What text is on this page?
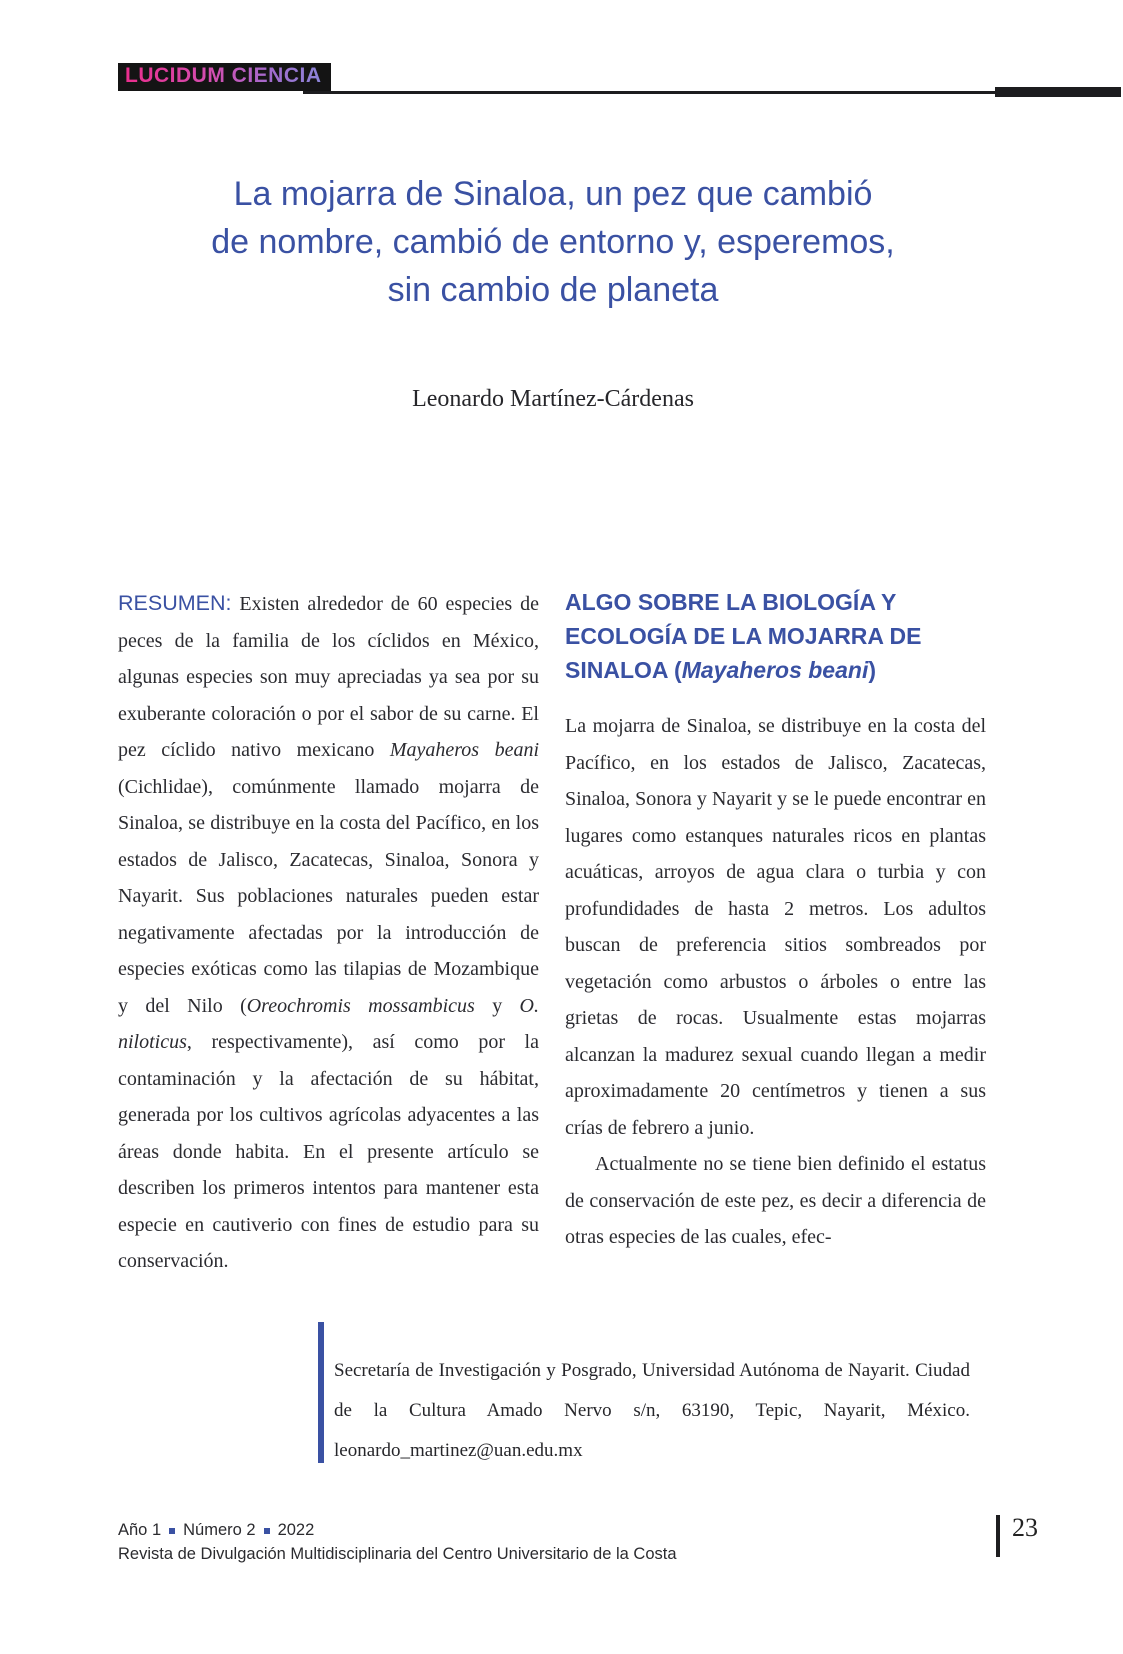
LUCIDUM CIENCIA
La mojarra de Sinaloa, un pez que cambió
de nombre, cambió de entorno y, esperemos,
sin cambio de planeta
Leonardo Martínez-Cárdenas

RESUMEN: Existen alrededor de 60 especies de peces de la familia de los cíclidos en México, algunas especies son muy apreciadas ya sea por su exuberante coloración o por el sabor de su carne. El pez cíclido nativo mexicano Mayaheros beani (Cichlidae), comúnmente llamado mojarra de Sinaloa, se distribuye en la costa del Pacífico, en los estados de Jalisco, Zacatecas, Sinaloa, Sonora y Nayarit. Sus poblaciones naturales pueden estar negativamente afectadas por la introducción de especies exóticas como las tilapias de Mozambique y del Nilo (Oreochromis mossambicus y O. niloticus, respectivamente), así como por la contaminación y la afectación de su hábitat, generada por los cultivos agrícolas adyacentes a las áreas donde habita. En el presente artículo se describen los primeros intentos para mantener esta especie en cautiverio con fines de estudio para su conservación.

ALGO SOBRE LA BIOLOGÍA Y ECOLOGÍA DE LA MOJARRA DE SINALOA (Mayaheros beani)

La mojarra de Sinaloa, se distribuye en la costa del Pacífico, en los estados de Jalisco, Zacatecas, Sinaloa, Sonora y Nayarit y se le puede encontrar en lugares como estanques naturales ricos en plantas acuáticas, arroyos de agua clara o turbia y con profundidades de hasta 2 metros. Los adultos buscan de preferencia sitios sombreados por vegetación como arbustos o árboles o entre las grietas de rocas. Usualmente estas mojarras alcanzan la madurez sexual cuando llegan a medir aproximadamente 20 centímetros y tienen a sus crías de febrero a junio.

Actualmente no se tiene bien definido el estatus de conservación de este pez, es decir a diferencia de otras especies de las cuales, efec-

Secretaría de Investigación y Posgrado, Universidad Autónoma de Nayarit. Ciudad de la Cultura Amado Nervo s/n, 63190, Tepic, Nayarit, México. leonardo_martinez@uan.edu.mx
Año 1 Número 2 2022
Revista de Divulgación Multidisciplinaria del Centro Universitario de la Costa
23
